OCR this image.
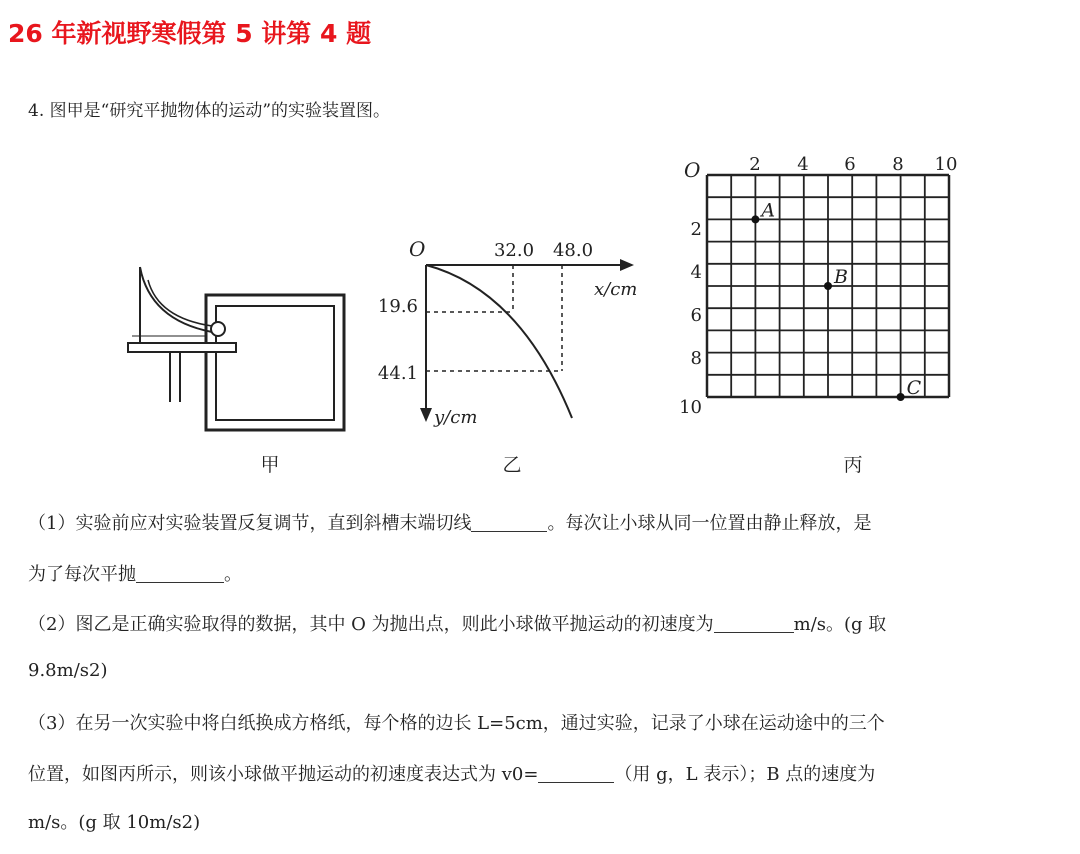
26 年新视野寒假第 5 讲第 4 题
4. 图甲是“研究平抛物体的运动”的实验装置图。
甲
O	32.0 48.0
x/cm
19.6
44.1
y/cm
乙
A
B
C
O	2 4 6 8 10
2
4
6
8
10
丙
（1）实验前应对实验装置反复调节，直到斜槽末端切线	。每次让小球从同一位置由静止释放，是
为了每次平抛	。
（2）图乙是正确实验取得的数据，其中 O 为抛出点，则此小球做平抛运动的初速度为	m/s。(g 取
9.8m/s2)
（3）在另一次实验中将白纸换成方格纸，每个格的边长 L=5cm，通过实验，记录了小球在运动途中的三个
位置，如图丙所示，则该小球做平抛运动的初速度表达式为 v0=	（用 g，L 表示）；B 点的速度为
m/s。(g 取 10m/s2)
